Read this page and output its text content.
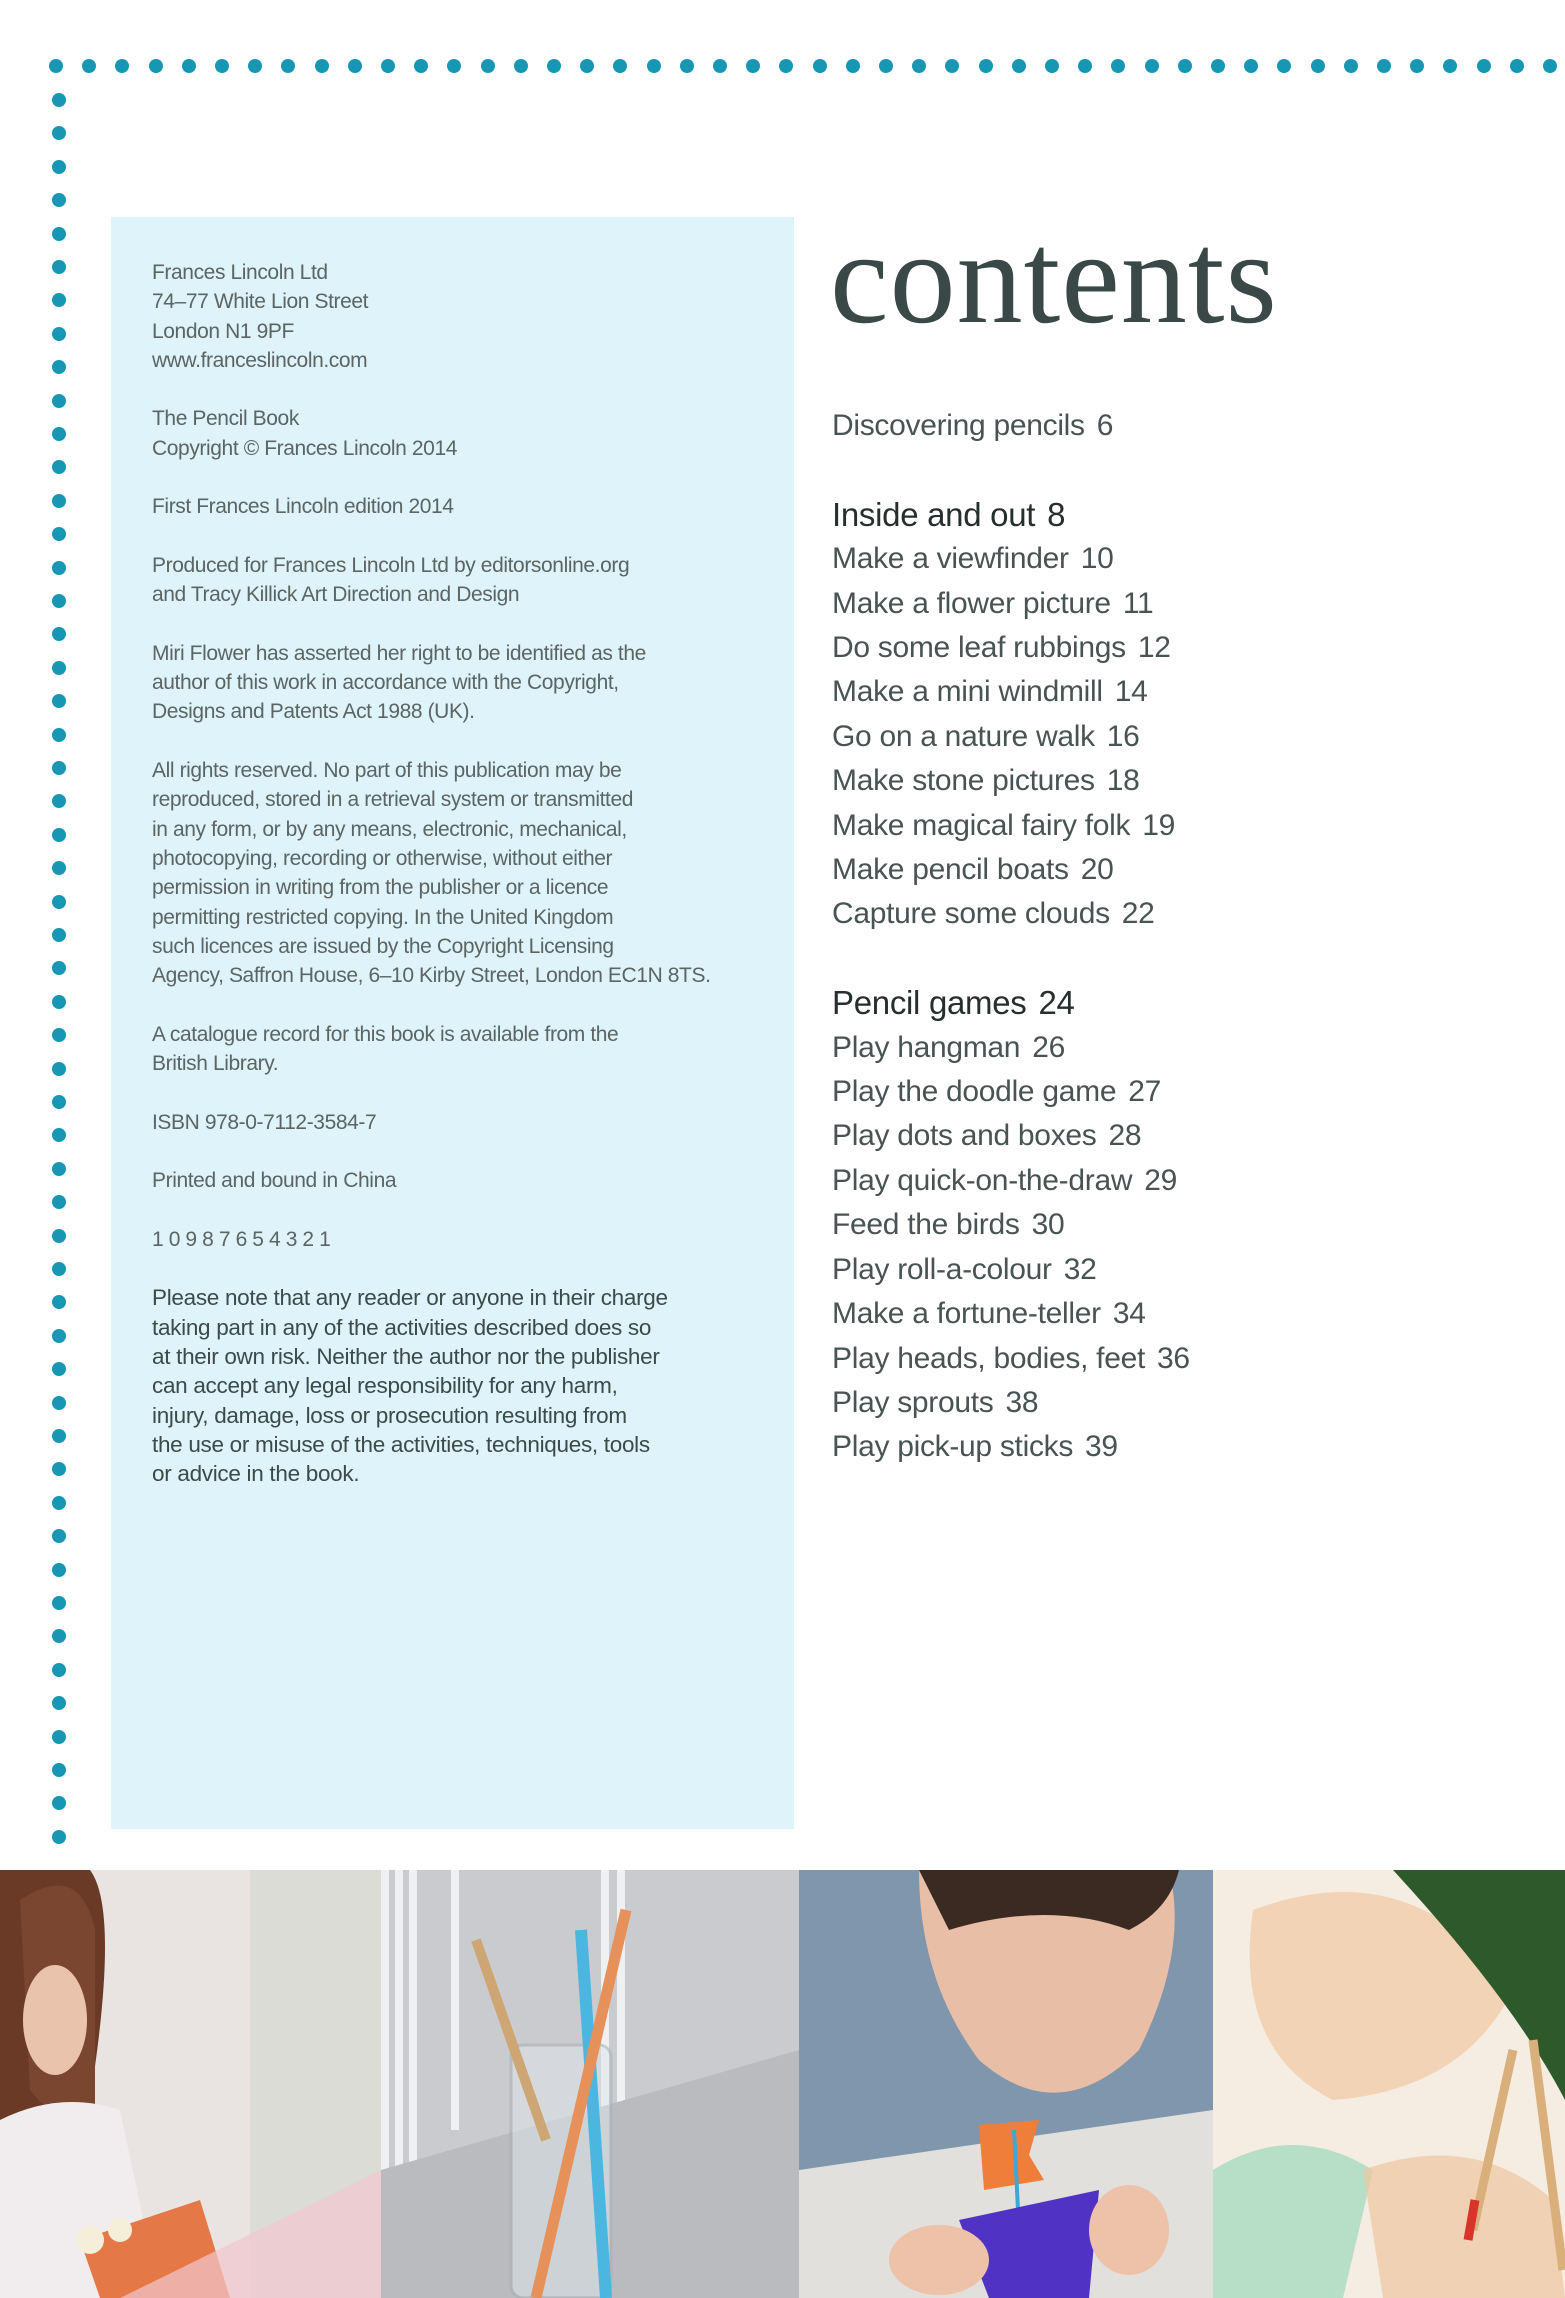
Frances Lincoln Ltd
74–77 White Lion Street
London N1 9PF
www.franceslincoln.com
The Pencil Book
Copyright © Frances Lincoln 2014
First Frances Lincoln edition 2014
Produced for Frances Lincoln Ltd by editorsonline.org
and Tracy Killick Art Direction and Design
Miri Flower has asserted her right to be identified as the
author of this work in accordance with the Copyright,
Designs and Patents Act 1988 (UK).
All rights reserved. No part of this publication may be
reproduced, stored in a retrieval system or transmitted
in any form, or by any means, electronic, mechanical,
photocopying, recording or otherwise, without either
permission in writing from the publisher or a licence
permitting restricted copying. In the United Kingdom
such licences are issued by the Copyright Licensing
Agency, Saffron House, 6–10 Kirby Street, London EC1N 8TS.
A catalogue record for this book is available from the
British Library.
ISBN 978-0-7112-3584-7
Printed and bound in China
1 0 9 8 7 6 5 4 3 2 1
Please note that any reader or anyone in their charge
taking part in any of the activities described does so
at their own risk. Neither the author nor the publisher
can accept any legal responsibility for any harm,
injury, damage, loss or prosecution resulting from
the use or misuse of the activities, techniques, tools
or advice in the book.
contents
Discovering pencils 6
Inside and out 8
Make a viewfinder 10
Make a flower picture 11
Do some leaf rubbings 12
Make a mini windmill 14
Go on a nature walk 16
Make stone pictures 18
Make magical fairy folk 19
Make pencil boats 20
Capture some clouds 22
Pencil games 24
Play hangman 26
Play the doodle game 27
Play dots and boxes 28
Play quick-on-the-draw 29
Feed the birds 30
Play roll-a-colour 32
Make a fortune-teller 34
Play heads, bodies, feet 36
Play sprouts 38
Play pick-up sticks 39
